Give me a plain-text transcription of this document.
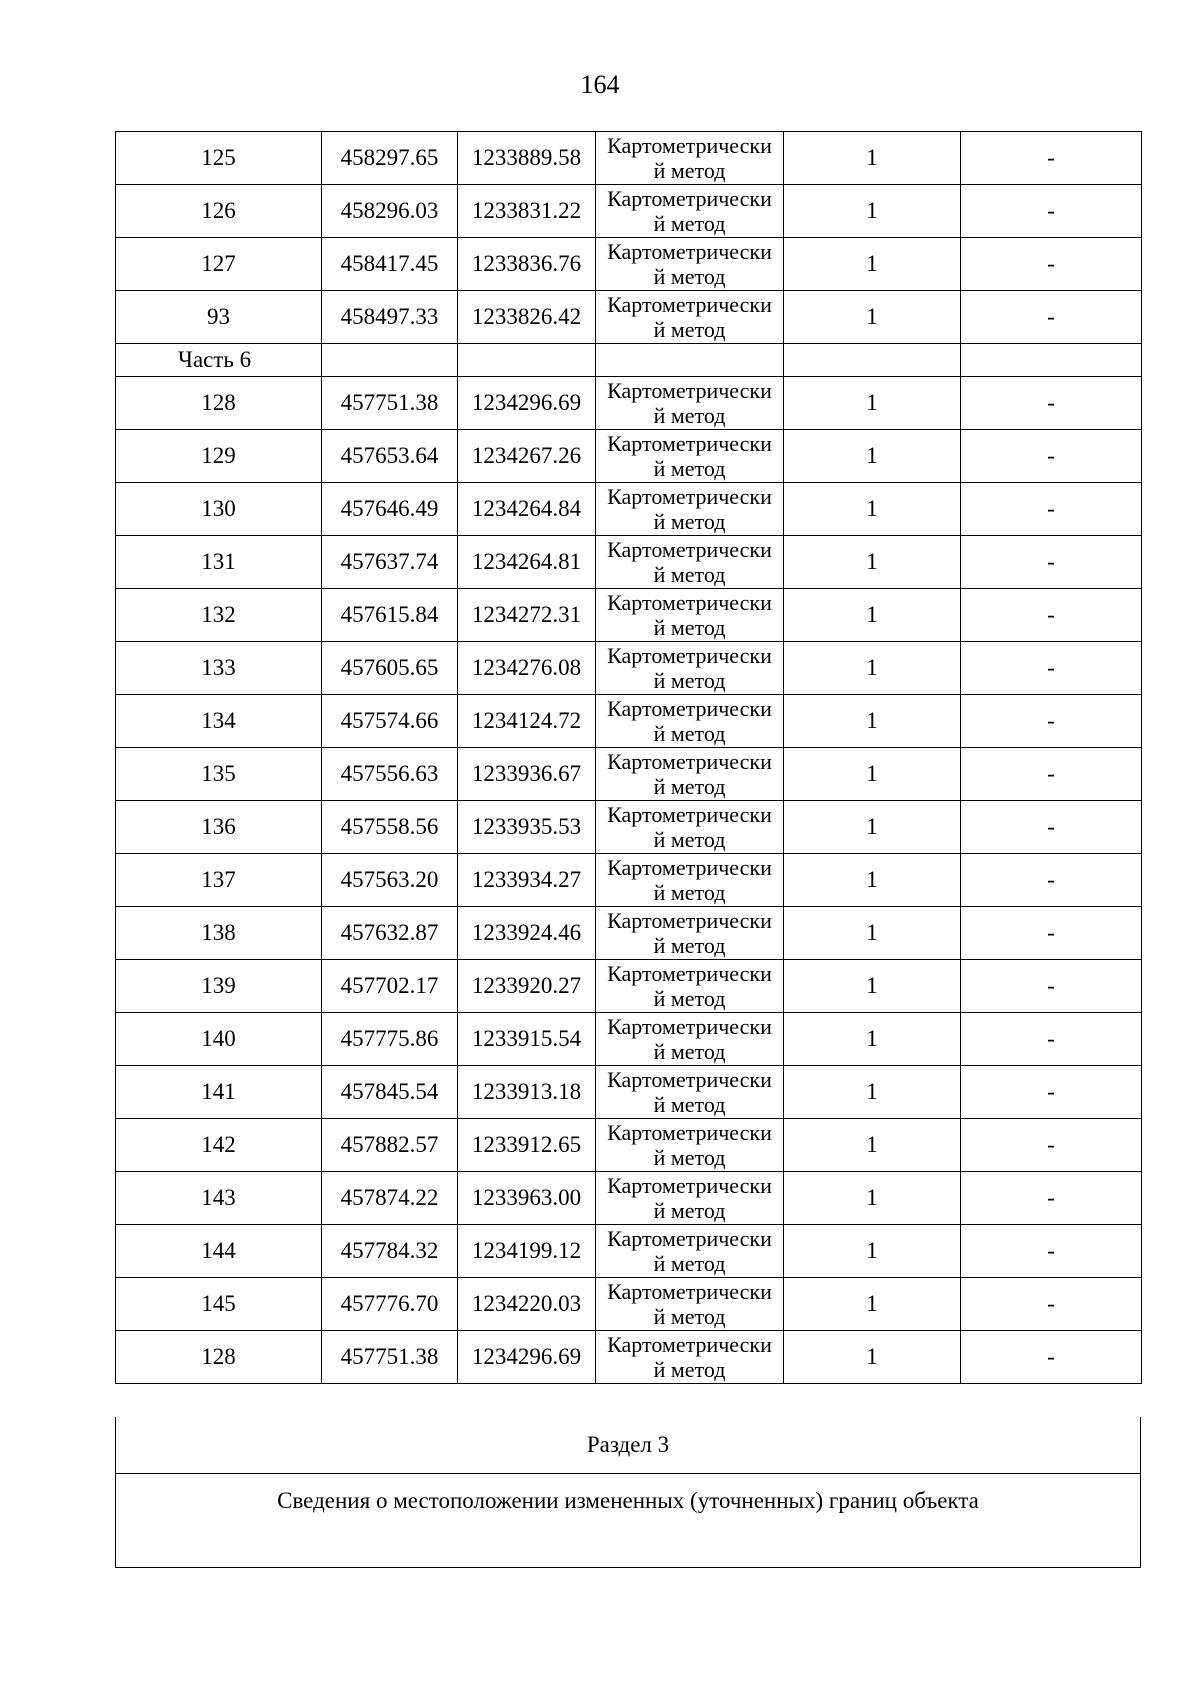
164
125	458297.65	1233889.58	Картометрический метод	1	-
126	458296.03	1233831.22	Картометрический метод	1	-
127	458417.45	1233836.76	Картометрический метод	1	-
93	458497.33	1233826.42	Картометрический метод	1	-
Часть 6					
128	457751.38	1234296.69	Картометрический метод	1	-
129	457653.64	1234267.26	Картометрический метод	1	-
130	457646.49	1234264.84	Картометрический метод	1	-
131	457637.74	1234264.81	Картометрический метод	1	-
132	457615.84	1234272.31	Картометрический метод	1	-
133	457605.65	1234276.08	Картометрический метод	1	-
134	457574.66	1234124.72	Картометрический метод	1	-
135	457556.63	1233936.67	Картометрический метод	1	-
136	457558.56	1233935.53	Картометрический метод	1	-
137	457563.20	1233934.27	Картометрический метод	1	-
138	457632.87	1233924.46	Картометрический метод	1	-
139	457702.17	1233920.27	Картометрический метод	1	-
140	457775.86	1233915.54	Картометрический метод	1	-
141	457845.54	1233913.18	Картометрический метод	1	-
142	457882.57	1233912.65	Картометрический метод	1	-
143	457874.22	1233963.00	Картометрический метод	1	-
144	457784.32	1234199.12	Картометрический метод	1	-
145	457776.70	1234220.03	Картометрический метод	1	-
128	457751.38	1234296.69	Картометрический метод	1	-
Раздел 3
Сведения о местоположении измененных (уточненных) границ объекта
